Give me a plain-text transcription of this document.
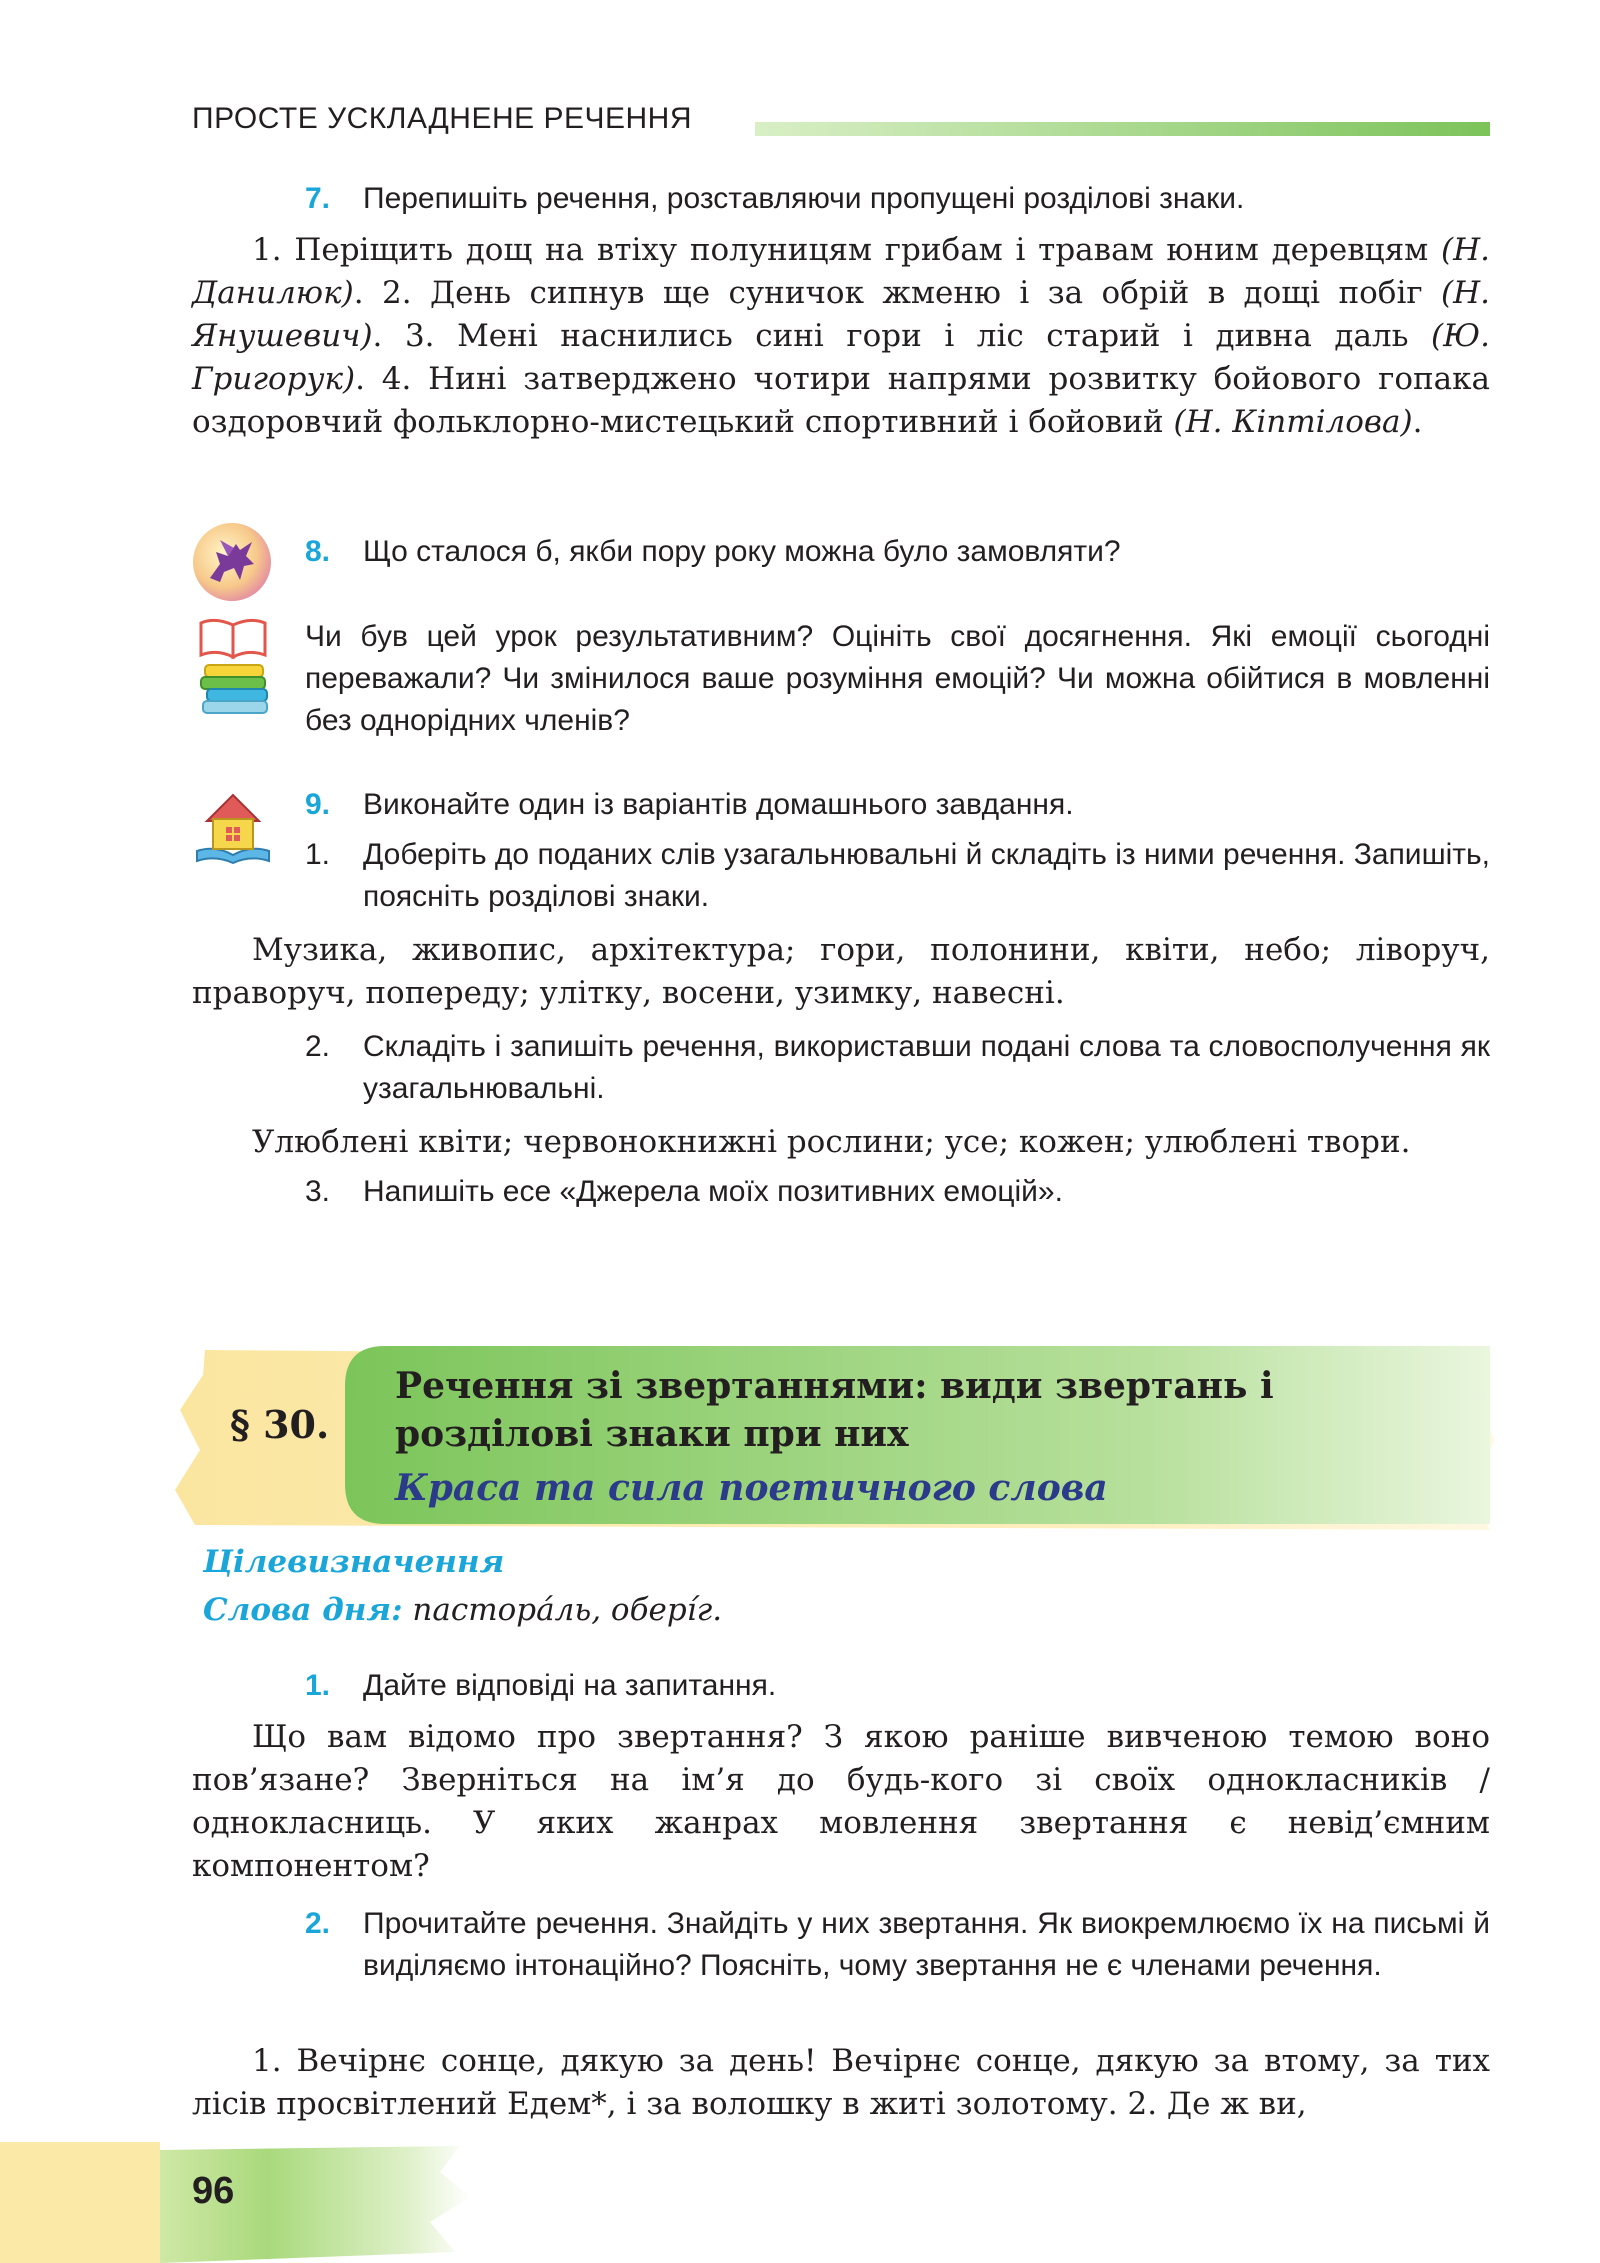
ПРОСТЕ УСКЛАДНЕНЕ РЕЧЕННЯ
7. Перепишіть речення, розставляючи пропущені розділові знаки.
1. Періщить дощ на втіху полуницям грибам і травам юним деревцям (Н. Данилюк). 2. День сипнув ще суничок жменю і за обрій в дощі побіг (Н. Янушевич). 3. Мені наснились сині гори і ліс старий і дивна даль (Ю. Григорук). 4. Нині затверджено чотири напрями розвитку бойового гопака оздоровчий фольклорно-мистецький спортивний і бойовий (Н. Кіптілова).
8. Що сталося б, якби пору року можна було замовляти?
Чи був цей урок результативним? Оцініть свої досягнення. Які емоції сьогодні переважали? Чи змінилося ваше розуміння емоцій? Чи можна обійтися в мовленні без однорідних членів?
9. Виконайте один із варіантів домашнього завдання.
1.	Доберіть до поданих слів узагальнювальні й складіть із ними речення. Запишіть, поясніть розділові знаки.
Музика, живопис, архітектура; гори, полонини, квіти, небо; ліворуч, праворуч, попереду; улітку, восени, узимку, навесні.
2.	Складіть і запишіть речення, використавши подані слова та словосполучення як узагальнювальні.
Улюблені квіти; червонокнижні рослини; усе; кожен; улюблені твори.
3.	Напишіть есе «Джерела моїх позитивних емоцій».
§ 30.
Речення зі звертаннями: види звертань і розділові знаки при них
Краса та сила поетичного слова
Цілевизначення
Слова дня: пастора́ль, обері́г.
1. Дайте відповіді на запитання.
Що вам відомо про звертання? З якою раніше вивченою темою воно пов’язане? Зверніться на ім’я до будь-кого зі своїх однокласників / однокласниць. У яких жанрах мовлення звертання є невід’ємним компонентом?
2.	Прочитайте речення. Знайдіть у них звертання. Як виокремлюємо їх на письмі й виділяємо інтонаційно? Поясніть, чому звертання не є членами речення.
1. Вечірнє сонце, дякую за день! Вечірнє сонце, дякую за втому, за тих лісів просвітлений Едем*, і за волошку в житі золотому. 2. Де ж ви,
96
